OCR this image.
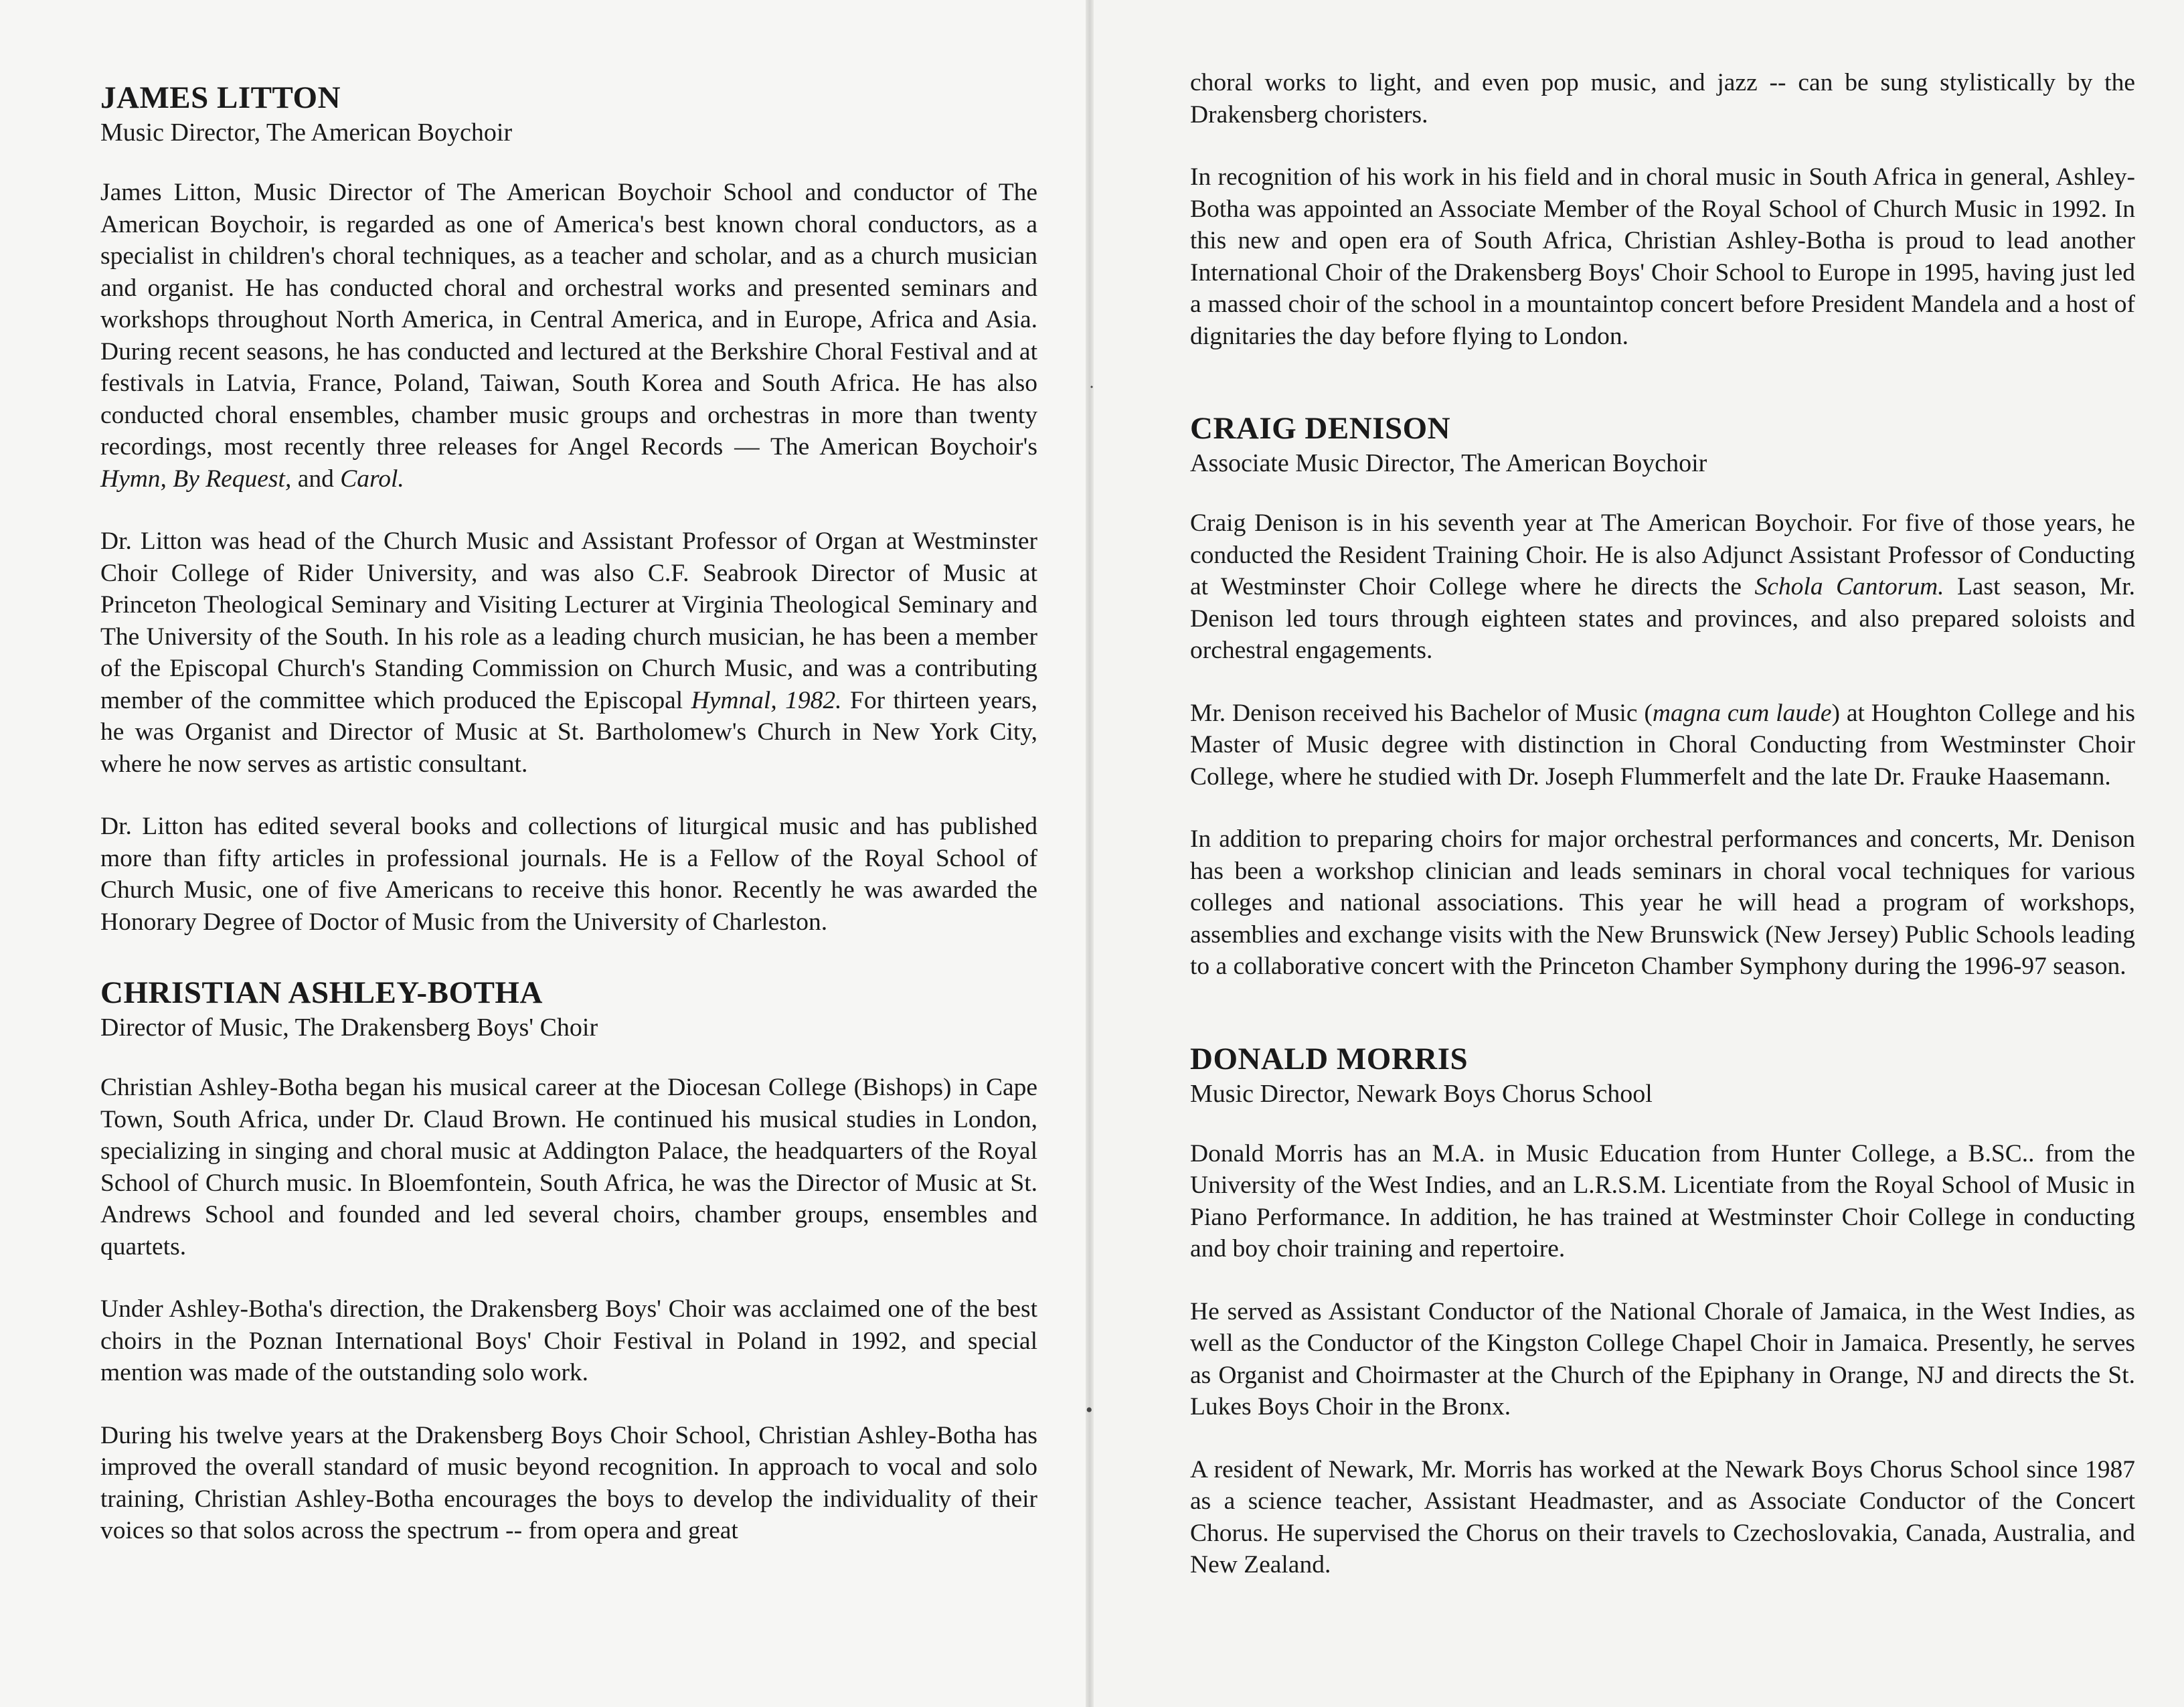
˙
•
JAMES LITTON
Music Director, The American Boychoir

James Litton, Music Director of The American Boychoir School and conductor of The American Boychoir, is regarded as one of America's best known choral conductors, as a specialist in children's choral techniques, as a teacher and scholar, and as a church musician and organist. He has conducted choral and orchestral works and presented seminars and workshops throughout North America, in Central America, and in Europe, Africa and Asia. During recent seasons, he has conducted and lectured at the Berkshire Choral Festival and at festivals in Latvia, France, Poland, Taiwan, South Korea and South Africa. He has also conducted choral ensembles, chamber music groups and orchestras in more than twenty recordings, most recently three releases for Angel Records — The American Boychoir's Hymn, By Request, and Carol.

Dr. Litton was head of the Church Music and Assistant Professor of Organ at Westminster Choir College of Rider University, and was also C.F. Seabrook Director of Music at Princeton Theological Seminary and Visiting Lecturer at Virginia Theological Seminary and The University of the South. In his role as a leading church musician, he has been a member of the Episcopal Church's Standing Commission on Church Music, and was a contributing member of the committee which produced the Episcopal Hymnal, 1982. For thirteen years, he was Organist and Director of Music at St. Bartholomew's Church in New York City, where he now serves as artistic consultant.

Dr. Litton has edited several books and collections of liturgical music and has published more than fifty articles in professional journals. He is a Fellow of the Royal School of Church Music, one of five Americans to receive this honor. Recently he was awarded the Honorary Degree of Doctor of Music from the University of Charleston.

CHRISTIAN ASHLEY-BOTHA
Director of Music, The Drakensberg Boys' Choir

Christian Ashley-Botha began his musical career at the Diocesan College (Bishops) in Cape Town, South Africa, under Dr. Claud Brown. He continued his musical studies in London, specializing in singing and choral music at Addington Palace, the headquarters of the Royal School of Church music. In Bloemfontein, South Africa, he was the Director of Music at St. Andrews School and founded and led several choirs, chamber groups, ensembles and quartets.

Under Ashley-Botha's direction, the Drakensberg Boys' Choir was acclaimed one of the best choirs in the Poznan International Boys' Choir Festival in Poland in 1992, and special mention was made of the outstanding solo work.

During his twelve years at the Drakensberg Boys Choir School, Christian Ashley-Botha has improved the overall standard of music beyond recognition. In approach to vocal and solo training, Christian Ashley-Botha encourages the boys to develop the individuality of their voices so that solos across the spectrum -- from opera and great

choral works to light, and even pop music, and jazz -- can be sung stylistically by the Drakensberg choristers.

In recognition of his work in his field and in choral music in South Africa in general, Ashley-Botha was appointed an Associate Member of the Royal School of Church Music in 1992. In this new and open era of South Africa, Christian Ashley-Botha is proud to lead another International Choir of the Drakensberg Boys' Choir School to Europe in 1995, having just led a massed choir of the school in a mountaintop concert before President Mandela and a host of dignitaries the day before flying to London.

CRAIG DENISON
Associate Music Director, The American Boychoir

Craig Denison is in his seventh year at The American Boychoir. For five of those years, he conducted the Resident Training Choir. He is also Adjunct Assistant Professor of Conducting at Westminster Choir College where he directs the Schola Cantorum. Last season, Mr. Denison led tours through eighteen states and provinces, and also prepared soloists and orchestral engagements.

Mr. Denison received his Bachelor of Music (magna cum laude) at Houghton College and his Master of Music degree with distinction in Choral Conducting from Westminster Choir College, where he studied with Dr. Joseph Flummerfelt and the late Dr. Frauke Haasemann.

In addition to preparing choirs for major orchestral performances and concerts, Mr. Denison has been a workshop clinician and leads seminars in choral vocal techniques for various colleges and national associations. This year he will head a program of workshops, assemblies and exchange visits with the New Brunswick (New Jersey) Public Schools leading to a collaborative concert with the Princeton Chamber Symphony during the 1996-97 season.

DONALD MORRIS
Music Director, Newark Boys Chorus School

Donald Morris has an M.A. in Music Education from Hunter College, a B.SC.. from the University of the West Indies, and an L.R.S.M. Licentiate from the Royal School of Music in Piano Performance. In addition, he has trained at Westminster Choir College in conducting and boy choir training and repertoire.

He served as Assistant Conductor of the National Chorale of Jamaica, in the West Indies, as well as the Conductor of the Kingston College Chapel Choir in Jamaica. Presently, he serves as Organist and Choirmaster at the Church of the Epiphany in Orange, NJ and directs the St. Lukes Boys Choir in the Bronx.

A resident of Newark, Mr. Morris has worked at the Newark Boys Chorus School since 1987 as a science teacher, Assistant Headmaster, and as Associate Conductor of the Concert Chorus. He supervised the Chorus on their travels to Czechoslovakia, Canada, Australia, and New Zealand.
